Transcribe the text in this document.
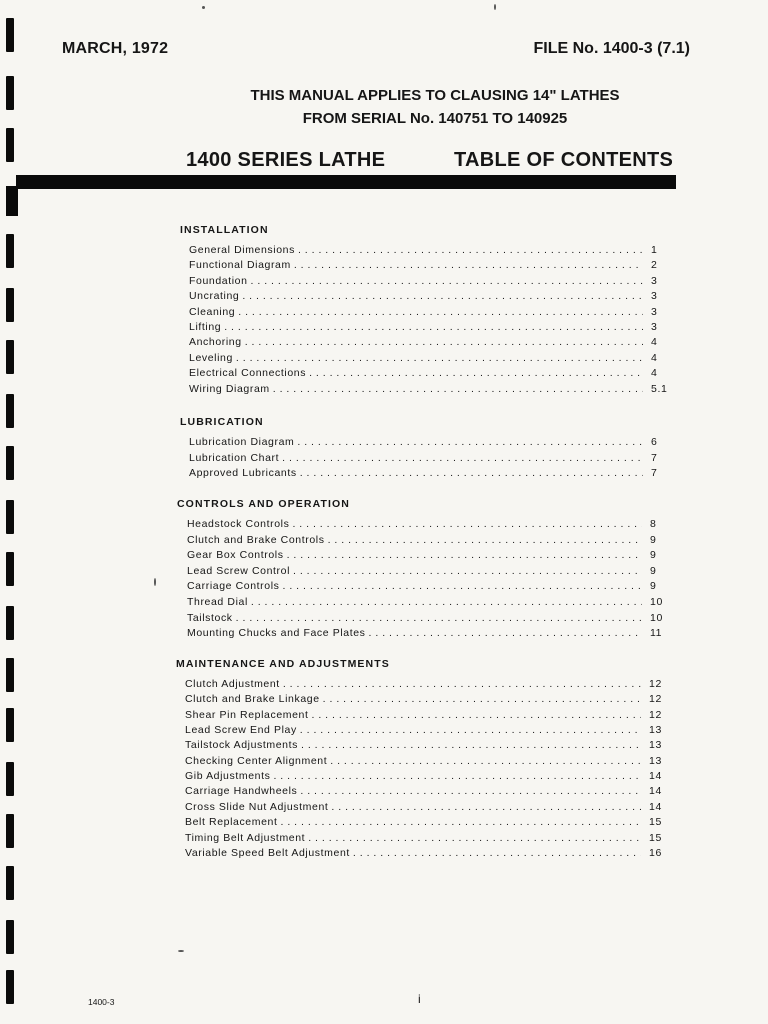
MARCH, 1972	FILE No. 1400-3 (7.1)
THIS MANUAL APPLIES TO CLAUSING 14" LATHES
FROM SERIAL No. 140751 TO 140925
1400 SERIES LATHE	TABLE OF CONTENTS
INSTALLATION
General Dimensions . . .	1
Functional Diagram . . .	2
Foundation . . .	3
Uncrating . . .	3
Cleaning . . .	3
Lifting . . .	3
Anchoring . . .	4
Leveling . . .	4
Electrical Connections . . .	4
Wiring Diagram . . .	5.1
LUBRICATION
Lubrication Diagram . . .	6
Lubrication Chart . . .	7
Approved Lubricants . . .	7
CONTROLS AND OPERATION
Headstock Controls . . .	8
Clutch and Brake Controls . . .	9
Gear Box Controls . . .	9
Lead Screw Control . . .	9
Carriage Controls . . .	9
Thread Dial . . .	10
Tailstock . . .	10
Mounting Chucks and Face Plates . . .	11
MAINTENANCE AND ADJUSTMENTS
Clutch Adjustment . . .	12
Clutch and Brake Linkage . . .	12
Shear Pin Replacement . . .	12
Lead Screw End Play . . .	13
Tailstock Adjustments . . .	13
Checking Center Alignment . . .	13
Gib Adjustments . . .	14
Carriage Handwheels . . .	14
Cross Slide Nut Adjustment . . .	14
Belt Replacement . . .	15
Timing Belt Adjustment . . .	15
Variable Speed Belt Adjustment . . .	16
1400-3	i
